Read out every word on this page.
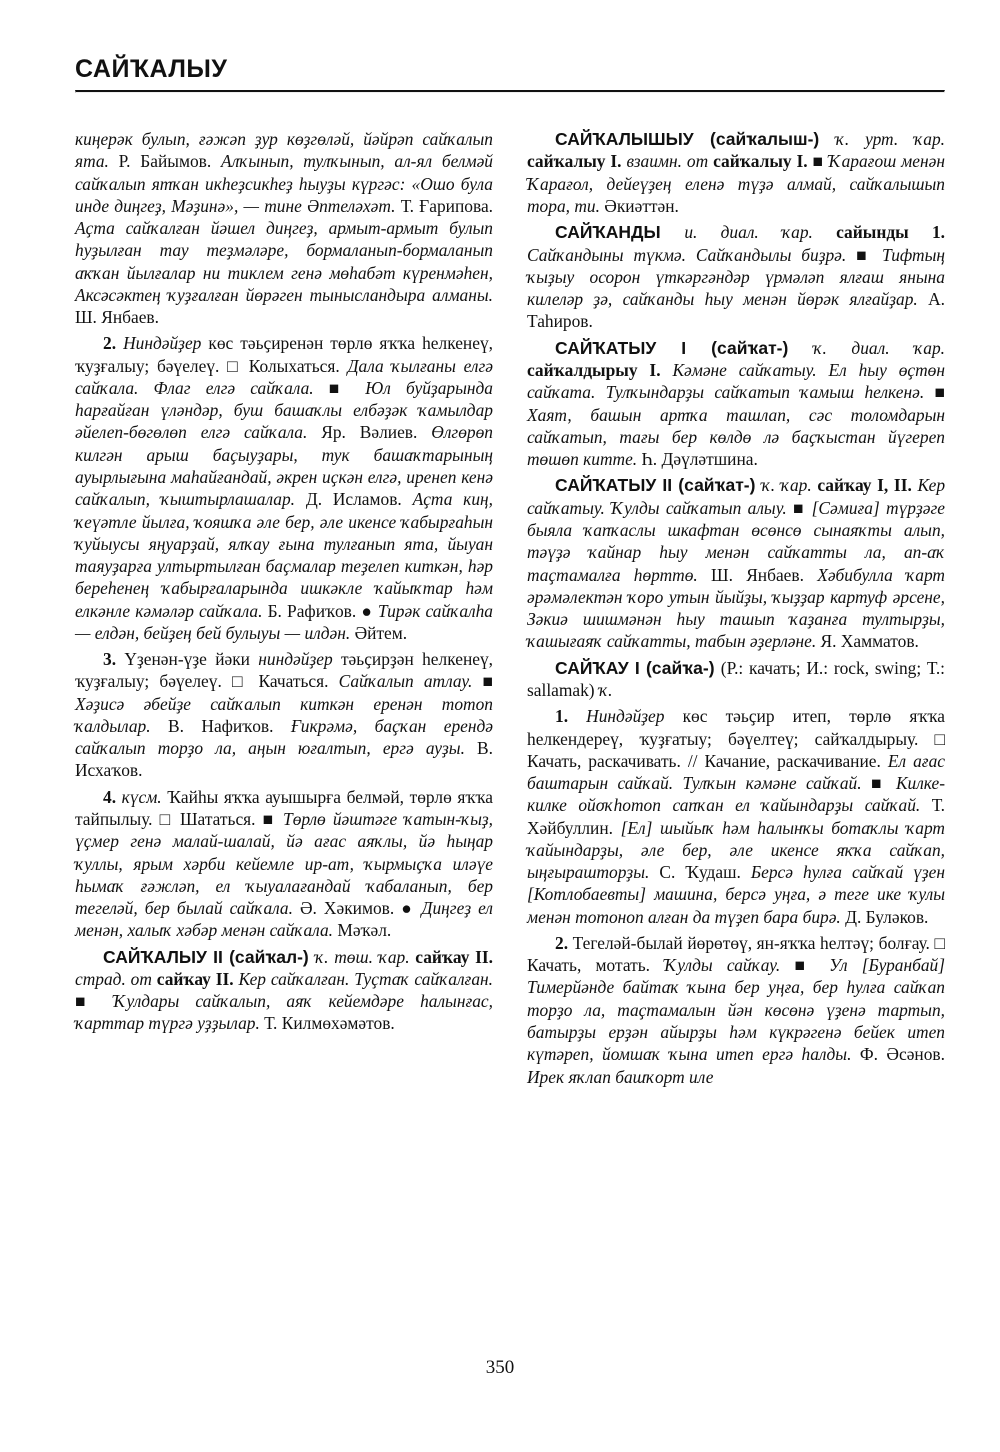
САЙҠАЛЫУ

киңерәк булып, ғәжәп ҙур көҙгөләй, йәйрәп сайҡалып ята. Р. Байымов. Алҡынып, тулҡынып, ал-ял белмәй сайҡалып ятҡан икһеҙсикһеҙ һыуҙы күргәс: «Ошо була инде диңгеҙ, Мәҙинә», — тине Әптеләхәт. Т. Ғарипова. Аҫта сайҡалған йәшел диңгеҙ, армыт-армыт булып һуҙылған тау теҙмәләре, бормаланып-бормаланып аҡҡан йылғалар ни тиклем генә мөһабәт күренмәһен, Аксәсәктең ҡуҙғалған йөрәген тынысландыра алманы. Ш. Янбаев.

2. Ниндәйҙер көс тәьҫиренән төрлө яҡҡа һелкенеү, ҡуҙғалыу; бәүелеү. □ Колыхаться. Дала ҡылғаны елгә сайҡала. Флаг елгә сайҡала. ■ Юл буйҙарында һарғайған үләндәр, буш башаҡлы елбәҙәк ҡамылдар әйелеп-бөгөлөп елгә сайҡала. Яр. Вәлиев. Өлгөрөп килгән арыш баҫыуҙары, тук башаҡтарының ауырлығына маһайғандай, әкрен иҫкән елгә, иренеп кенә сайҡалып, ҡыштырлашалар. Д. Исламов. Аҫта киң, ҡеүәтле йылға, ҡояшҡа әле бер, әле икенсе ҡабырғаһын ҡуйыусы яңуарҙай, ялҡау ғына тулғанып ята, йыуан таяуҙарға ултыртылған баҫмалар теҙелеп киткән, һәр береһенең ҡабырғаларында ишкәкле ҡайыҡтар һәм елкәнле кәмәләр сайҡала. Б. Рафиҡов. ● Тирәк сайҡалһа — елдән, бейҙең бей булыуы — илдән. Әйтем.

3. Үҙенән-үҙе йәки ниндәйҙер тәьҫирҙән һелкенеү, ҡуҙғалыу; бәүелеү. □ Качаться. Сайҡалып атлау. ■ Хәҙисә әбейҙе сайҡалып киткән еренән тотоп ҡалдылар. В. Нафиҡов. Ғикрәмә, баҫҡан ерендә сайҡалып торҙо ла, аңын юғалтып, ергә ауҙы. В. Исхаҡов.

4. күсм. Ҡайһы яҡҡа ауышырға белмәй, төрлө яҡҡа тайпылыу. □ Шататься. ■ Төрлө йәштәге ҡатын-ҡыҙ, үҫмер генә малай-шалай, йә ағас аяҡлы, йә һыңар ҡуллы, ярым хәрби кейемле ир-ат, ҡырмыҫҡа иләүе һымаҡ ғәжләп, ел ҡыуалағандай ҡабаланып, бер тегеләй, бер былай сайҡала. Ә. Хәкимов. ● Диңгеҙ ел менән, халыҡ хәбәр менән сайҡала. Мәҡәл.

САЙҠАЛЫУ II (сайҡал-) ҡ. төш. ҡар. сайҡау II. страд. от сайҡау II. Кер сайҡалған. Туҫтаҡ сайҡалған. ■ Ҡулдары сайҡалып, аяҡ кейемдәре һалынғас, ҡарттар түргә уҙҙылар. Т. Килмөхәмәтов.

САЙҠАЛЫШЫУ (сайҡалыш-) ҡ. урт. ҡар. сайҡалыу I. взаимн. от сайҡалыу I. ■ Ҡарағош менән Ҡарағол, дейеүҙең еленә түҙә алмай, сайҡалышып тора, ти. Әкиәттән.

САЙҠАНДЫ и. диал. ҡар. сайынды 1. Сайҡандыны түкмә. Сайҡандылы биҙрә. ■ Тифтың ҡыҙыу осорон үткәргәндәр үрмәләп ялғаш янына килеләр ҙә, сайҡанды һыу менән йөрәк ялғайҙар. А. Таһиров.

САЙҠАТЫУ I (сайҡат-) ҡ. диал. ҡар. сайҡалдырыу I. Кәмәне сайҡатыу. Ел һыу өҫтөн сайҡата. Тулҡындарҙы сайҡатып ҡамыш һелкенә. ■ Хаят, башын артҡа ташлап, сәс толомдарын сайҡатып, тағы бер көлдө лә баҫҡыстан йүгереп төшөп китте. Һ. Дәүләтшина.

САЙҠАТЫУ II (сайҡат-) ҡ. ҡар. сайҡау I, II. Кер сайҡатыу. Ҡулды сайҡатып алыу. ■ [Сәмиға] түрҙәге быяла ҡапҡаслы шкафтан өсөнсө сынаяҡты алып, тәүҙә ҡайнар һыу менән сайҡатты ла, ап-аҡ таҫтамалға һөрттө. Ш. Янбаев. Хәбибулла ҡарт әрәмәлектән ҡоро утын йыйҙы, ҡыҙҙар картуф әрсене, Зәкиә шишмәнән һыу ташып ҡаҙанға тултырҙы, ҡашығаяҡ сайҡатты, табын әҙерләне. Я. Хамматов.

САЙҠАУ I (сайҡа-) (Р.: качать; И.: rock, swing; Т.: sallamak) ҡ.

1. Ниндәйҙер көс тәьҫир итеп, төрлө яҡҡа һелкендереү, ҡуҙғатыу; бәүелтеү; сайҡалдырыу. □ Качать, раскачивать. // Качание, раскачивание. Ел ағас баштарын сайҡай. Тулҡын кәмәне сайҡай. ■ Килке-килке ойоҡһотоп сапҡан ел ҡайындарҙы сайҡай. Т. Хәйбуллин. [Ел] шыйыҡ һәм һалынҡы ботаҡлы ҡарт ҡайындарҙы, әле бер, әле икенсе яҡҡа сайҡап, ыңғырашторҙы. С. Ҡудаш. Берсә һулға сайҡай үҙен [Котлобаевты] машина, берсә уңға, ә теге ике ҡулы менән тотоноп алған да түҙеп бара бирә. Д. Буләков.

2. Тегеләй-былай йөрөтөү, ян-яҡҡа һелтәү; болғау. □ Качать, мотать. Ҡулды сайҡау. ■ Ул [Буранбай] Тимерйәнде байтаҡ ҡына бер уңға, бер һулға сайҡап торҙо ла, таҫтамалын йән көсөнә үҙенә тартып, батырҙы ерҙән айырҙы һәм күкрәгенә бейек итеп күтәреп, йомшаҡ ҡына итеп ергә һалды. Ф. Әсәнов. Ирек яҡлап башҡорт иле

350
